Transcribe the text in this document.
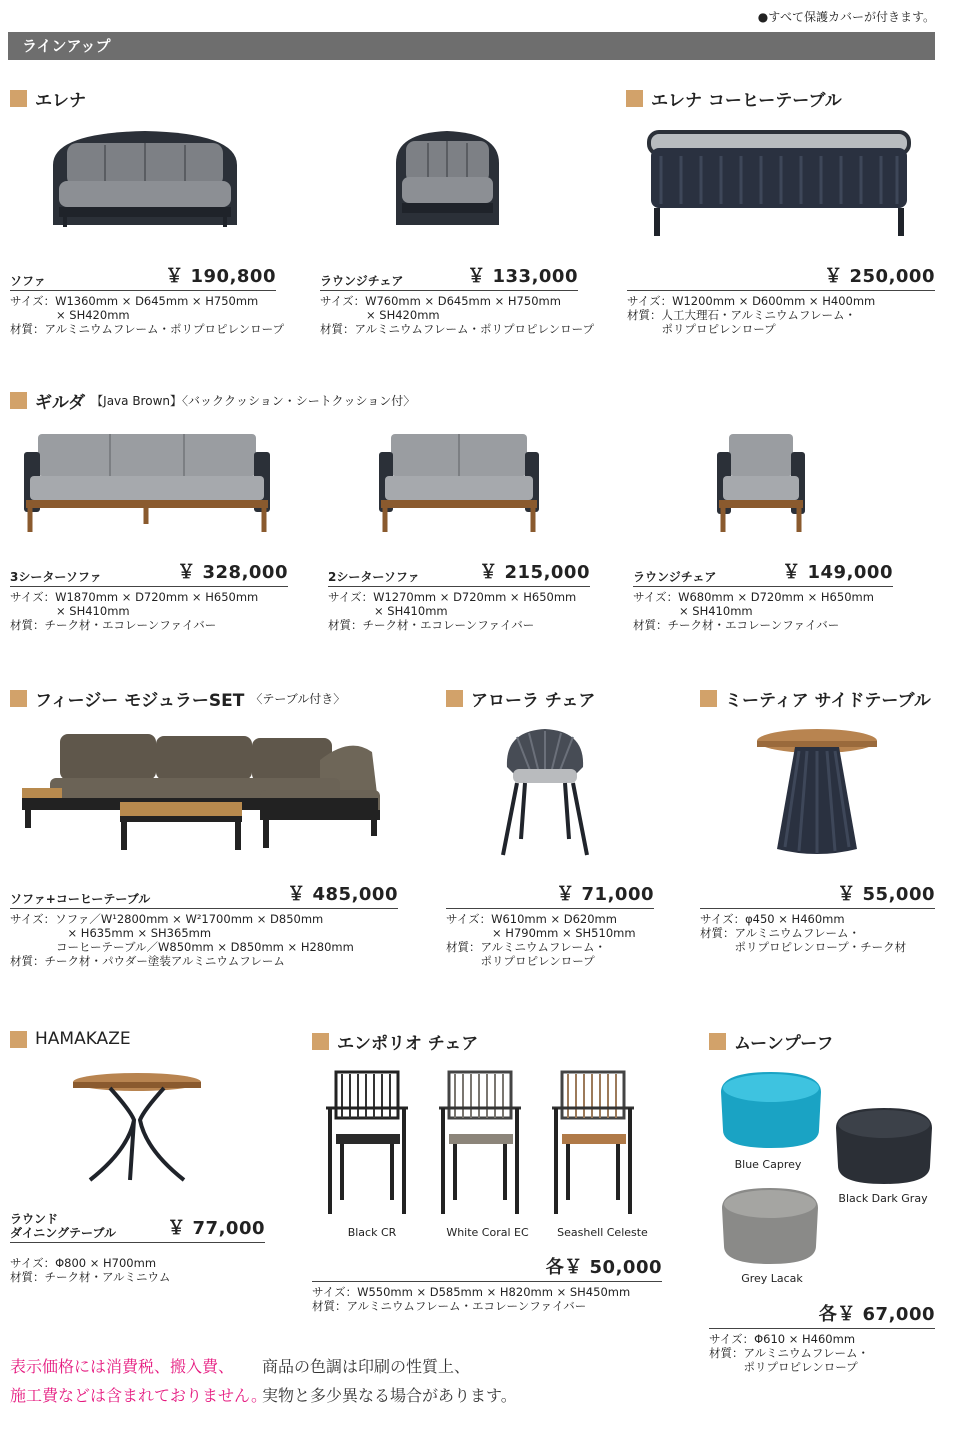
●すべて保護カバーが付きます。
ラインアップ
エレナ	エレナ コーヒーテーブル
ソファ	￥ 190,800
サイズ：W1360mm × D645mm × H750mm
　　　　× SH420mm
材質：アルミニウムフレーム・ポリプロピレンロープ
ラウンジチェア	￥ 133,000
サイズ：W760mm × D645mm × H750mm
　　　　× SH420mm
材質：アルミニウムフレーム・ポリプロピレンロープ
￥ 250,000
サイズ：W1200mm × D600mm × H400mm
材質：人工大理石・アルミニウムフレーム・
　　　ポリプロピレンロープ
ギルダ 【Java Brown】〈バッククッション・シートクッション付〉
3シーターソファ	￥ 328,000
サイズ：W1870mm × D720mm × H650mm
　　　　× SH410mm
材質：チーク材・エコレーンファイバー
2シーターソファ	￥ 215,000
サイズ：W1270mm × D720mm × H650mm
　　　　× SH410mm
材質：チーク材・エコレーンファイバー
ラウンジチェア	￥ 149,000
サイズ：W680mm × D720mm × H650mm
　　　　× SH410mm
材質：チーク材・エコレーンファイバー
フィージー モジュラーSET 〈テーブル付き〉	アローラ チェア	ミーティア サイドテーブル
ソファ+コーヒーテーブル	￥ 485,000
サイズ：ソファ／W¹2800mm × W²1700mm × D850mm
　　　　　× H635mm × SH365mm
　　　　コーヒーテーブル／W850mm × D850mm × H280mm
材質：チーク材・パウダー塗装アルミニウムフレーム
￥ 71,000
サイズ：W610mm × D620mm
　　　　× H790mm × SH510mm
材質：アルミニウムフレーム・
　　　ポリプロピレンロープ
￥ 55,000
サイズ：φ450 × H460mm
材質：アルミニウムフレーム・
　　　ポリプロピレンロープ・チーク材
HAMAKAZE	エンポリオ チェア	ムーンプーフ
Black CR	White Coral EC	Seashell Celeste
Blue Caprey
Black Dark Gray
Grey Lacak
ラウンド
ダイニングテーブル	￥ 77,000
サイズ：Φ800 × H700mm
材質：チーク材・アルミニウム	各￥ 50,000
サイズ：W550mm × D585mm × H820mm × SH450mm
材質：アルミニウムフレーム・エコレーンファイバー	各￥ 67,000
サイズ：Φ610 × H460mm
材質：アルミニウムフレーム・
　　　ポリプロピレンロープ
表示価格には消費税、搬入費、
施工費などは含まれておりません。
商品の色調は印刷の性質上、
実物と多少異なる場合があります。
